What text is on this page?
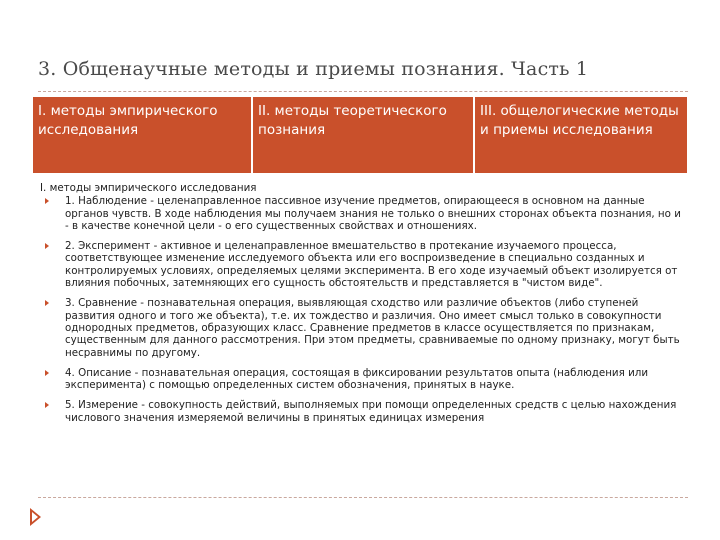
3. Общенаучные методы и приемы познания. Часть 1
I. методы эмпирического исследования
II. методы теоретического познания
III. общелогические методы и приемы исследования
I. методы эмпирического исследования
1. Наблюдение - целенаправленное пассивное изучение предметов, опирающееся в основном на данные органов чувств. В ходе наблюдения мы получаем знания не только о внешних сторонах объекта познания, но и - в качестве конечной цели - о его существенных свойствах и отношениях.
2. Эксперимент - активное и целенаправленное вмешательство в протекание изучаемого процесса, соответствующее изменение исследуемого объекта или его воспроизведение в специально созданных и контролируемых условиях, определяемых целями эксперимента. В его ходе изучаемый объект изолируется от влияния побочных, затемняющих его сущность обстоятельств и представляется в "чистом виде".
3. Сравнение - познавательная операция, выявляющая сходство или различие объектов (либо ступеней развития одного и того же объекта), т.е. их тождество и различия. Оно имеет смысл только в совокупности однородных предметов, образующих класс. Сравнение предметов в классе осуществляется по признакам, существенным для данного рассмотрения. При этом предметы, сравниваемые по одному признаку, могут быть несравнимы по другому.
4. Описание - познавательная операция, состоящая в фиксировании результатов опыта (наблюдения или эксперимента) с помощью определенных систем обозначения, принятых в науке.
5. Измерение - совокупность действий, выполняемых при помощи определенных средств с целью нахождения числового значения измеряемой величины в принятых единицах измерения
